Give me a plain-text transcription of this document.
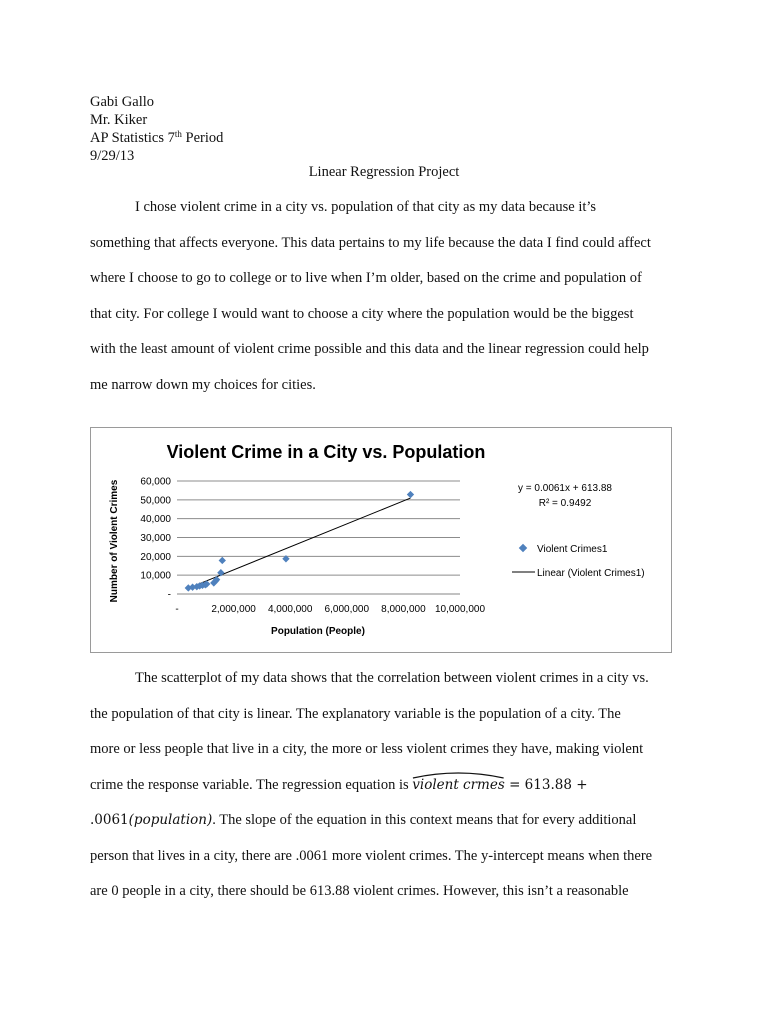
Gabi Gallo
Mr. Kiker
AP Statistics 7th Period
9/29/13
Linear Regression Project
I chose violent crime in a city vs. population of that city as my data because it’s
something that affects everyone. This data pertains to my life because the data I find could affect
where I choose to go to college or to live when I’m older, based on the crime and population of
that city. For college I would want to choose a city where the population would be the biggest
with the least amount of violent crime possible and this data and the linear regression could help
me narrow down my choices for cities.
Violent Crime in a City vs. Population
-
10,000
20,000
30,000
40,000
50,000
60,000
-	2,000,000 4,000,000 6,000,000 8,000,000 10,000,000
Population (People)
Number of Violent Crimes	y = 0.0061x + 613.88
R² = 0.9492
Violent Crimes1
Linear (Violent Crimes1)
The scatterplot of my data shows that the correlation between violent crimes in a city vs.
the population of that city is linear. The explanatory variable is the population of a city. The
more or less people that live in a city, the more or less violent crimes they have, making violent
crime the response variable. The regression equation is
violent crmes = 613.88 +
.0061(population). The slope of the equation in this context means that for every additional
person that lives in a city, there are .0061 more violent crimes. The y-intercept means when there
are 0 people in a city, there should be 613.88 violent crimes. However, this isn’t a reasonable
